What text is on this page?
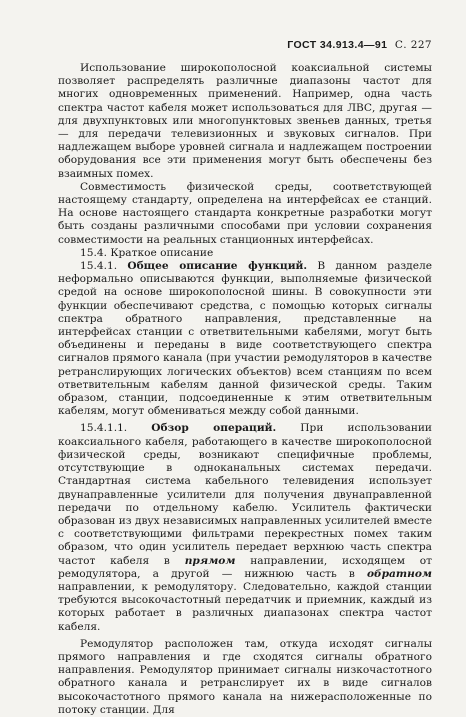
ГОСТ 34.913.4—91 С. 227

Использование широкополосной коаксиальной системы позволяет распределять различные диапазоны частот для многих одновременных применений. Например, одна часть спектра частот кабеля может использоваться для ЛВС, другая — для двухпунктовых или многопунктовых звеньев данных, третья — для передачи телевизионных и звуковых сигналов. При надлежащем выборе уровней сигнала и надлежащем построении оборудования все эти применения могут быть обеспечены без взаимных помех.

Совместимость физической среды, соответствующей настоящему стандарту, определена на интерфейсах ее станций. На основе настоящего стандарта конкретные разработки могут быть созданы различными способами при условии сохранения совместимости на реальных станционных интерфейсах.

15.4. Краткое описание

15.4.1. Общее описание функций. В данном разделе неформально описываются функции, выполняемые физической средой на основе широкополосной шины. В совокупности эти функции обеспечивают средства, с помощью которых сигналы спектра обратного направления, представленные на интерфейсах станции с ответвительными кабелями, могут быть объединены и переданы в виде соответствующего спектра сигналов прямого канала (при участии ремодуляторов в качестве ретранслирующих логических объектов) всем станциям по всем ответвительным кабелям данной физической среды. Таким образом, станции, подсоединенные к этим ответвительным кабелям, могут обмениваться между собой данными.

15.4.1.1. Обзор операций. При использовании коаксиального кабеля, работающего в качестве широкополосной физической среды, возникают специфичные проблемы, отсутствующие в одноканальных системах передачи. Стандартная система кабельного телевидения использует двунаправленные усилители для получения двунаправленной передачи по отдельному кабелю. Усилитель фактически образован из двух независимых направленных усилителей вместе с соответствующими фильтрами перекрестных помех таким образом, что один усилитель передает верхнюю часть спектра частот кабеля в прямом направлении, исходящем от ремодулятора, а другой — нижнюю часть в обратном направлении, к ремодулятору. Следовательно, каждой станции требуются высокочастотный передатчик и приемник, каждый из которых работает в различных диапазонах спектра частот кабеля.

Ремодулятор расположен там, откуда исходят сигналы прямого направления и где сходятся сигналы обратного направления. Ремодулятор принимает сигналы низкочастотного обратного канала и ретранслирует их в виде сигналов высокочастотного прямого канала на нижерасположенные по потоку станции. Для
